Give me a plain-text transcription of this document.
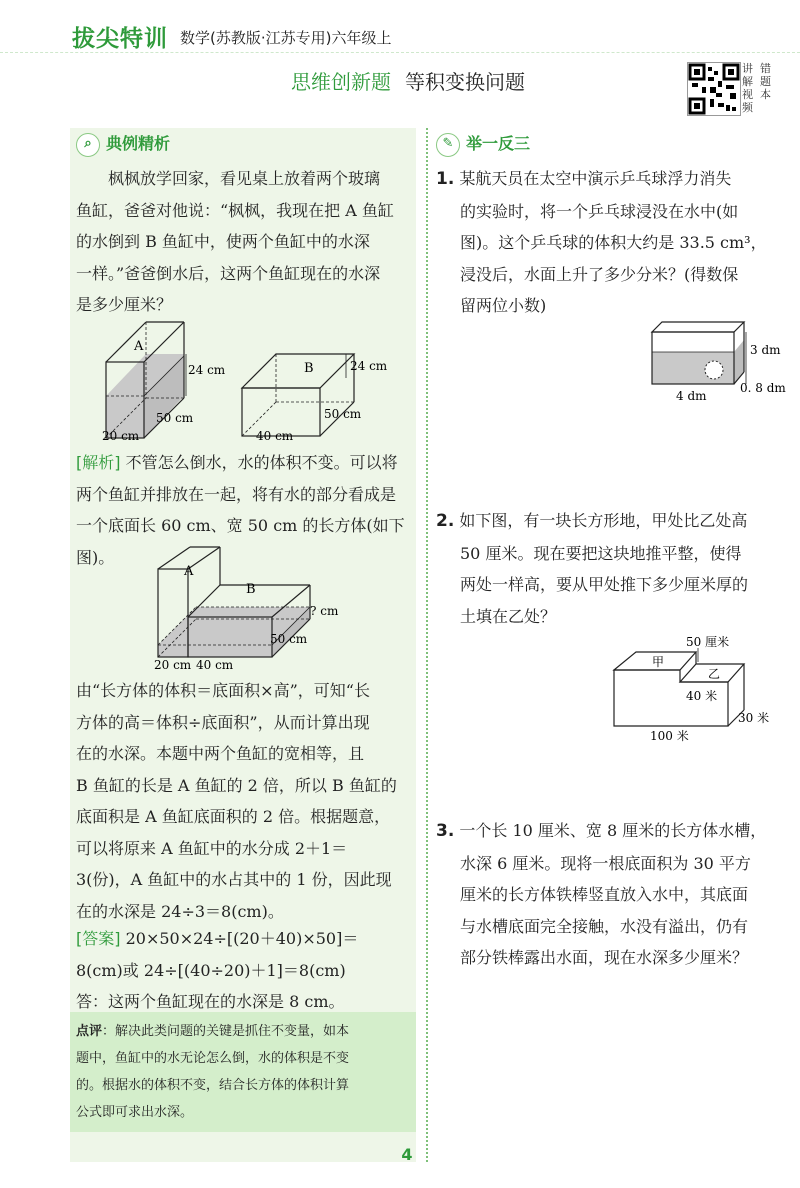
拔尖特训 数学(苏教版·江苏专用)六年级上
思维创新题 等积变换问题
讲
解
视
频
错
题
本
⌕ 典例精析
枫枫放学回家，看见桌上放着两个玻璃
鱼缸，爸爸对他说：“枫枫，我现在把 A 鱼缸
的水倒到 B 鱼缸中，使两个鱼缸中的水深
一样。”爸爸倒水后，这两个鱼缸现在的水深
是多少厘米？
A
24 cm
50 cm
20 cm
B	24 cm
50 cm
40 cm
[解析] 不管怎么倒水，水的体积不变。可以将
两个鱼缸并排放在一起，将有水的部分看成是
一个底面长 60 cm、宽 50 cm 的长方体(如下图)。
A
B
? cm
50 cm
20 cm 40 cm
由“长方体的体积＝底面积×高”，可知“长
方体的高＝体积÷底面积”，从而计算出现
在的水深。本题中两个鱼缸的宽相等，且
B 鱼缸的长是 A 鱼缸的 2 倍，所以 B 鱼缸的
底面积是 A 鱼缸底面积的 2 倍。根据题意，
可以将原来 A 鱼缸中的水分成 2＋1＝
3(份)，A 鱼缸中的水占其中的 1 份，因此现
在的水深是 24÷3＝8(cm)。
[答案] 20×50×24÷[(20＋40)×50]＝
8(cm)或 24÷[(40÷20)＋1]＝8(cm)
答：这两个鱼缸现在的水深是 8 cm。
点评：解决此类问题的关键是抓住不变量，如本
题中，鱼缸中的水无论怎么倒，水的体积是不变
的。根据水的体积不变，结合长方体的体积计算
公式即可求出水深。
✎ 举一反三
1. 某航天员在太空中演示乒乓球浮力消失
的实验时，将一个乒乓球浸没在水中(如
图)。这个乒乓球的体积大约是 33.5 cm³，
浸没后，水面上升了多少分米？(得数保
留两位小数)
3 dm
4 dm
0. 8 dm
2. 如下图，有一块长方形地，甲处比乙处高
50 厘米。现在要把这块地推平整，使得
两处一样高，要从甲处推下多少厘米厚的
土填在乙处？
50 厘米
甲
乙
40 米
30 米
100 米
3. 一个长 10 厘米、宽 8 厘米的长方体水槽，
水深 6 厘米。现将一根底面积为 30 平方
厘米的长方体铁棒竖直放入水中，其底面
与水槽底面完全接触，水没有溢出，仍有
部分铁棒露出水面，现在水深多少厘米？
4
